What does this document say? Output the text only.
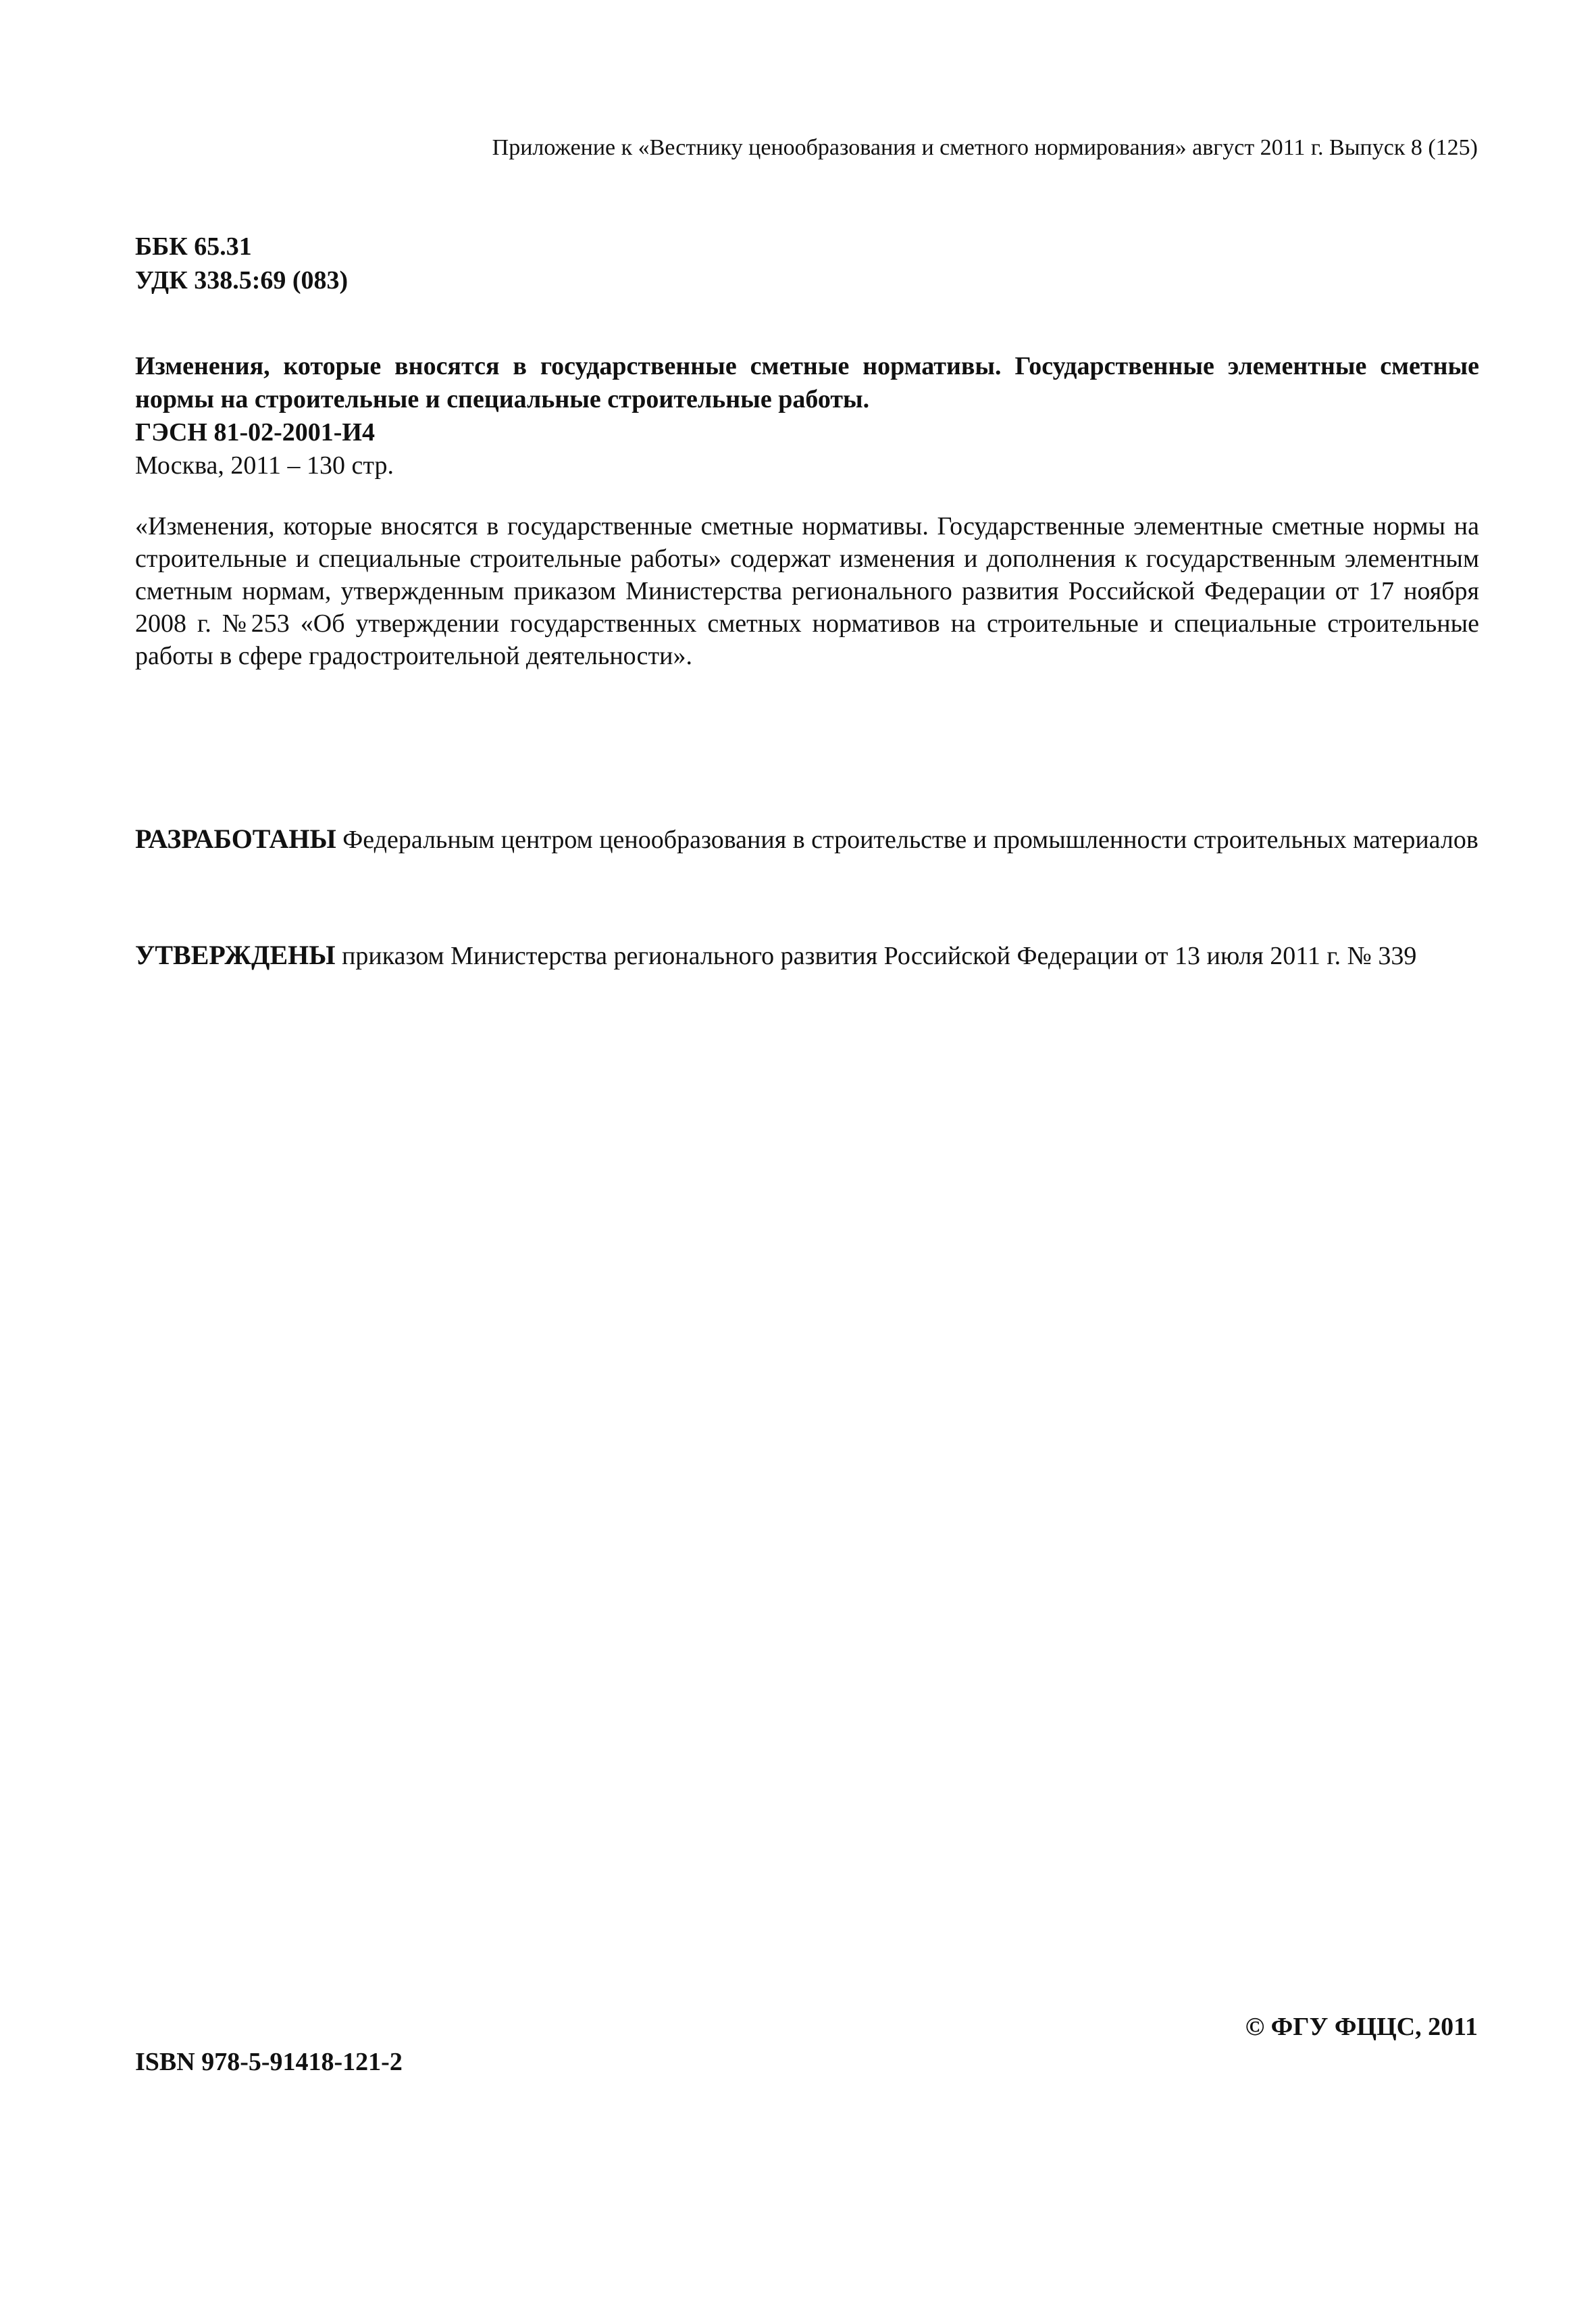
Приложение к «Вестнику ценообразования и сметного нормирования» август 2011 г. Выпуск 8 (125)
ББК 65.31
УДК 338.5:69 (083)
Изменения, которые вносятся в государственные сметные нормативы. Государственные элементные сметные нормы на строительные и специальные строительные работы.
ГЭСН 81-02-2001-И4
Москва, 2011 – 130 стр.
«Изменения, которые вносятся в государственные сметные нормативы. Государственные элементные сметные нормы на строительные и специальные строительные работы» содержат изменения и дополнения к государственным элементным сметным нормам, утвержденным приказом Министерства регионального развития Российской Федерации от 17 ноября 2008 г. №253 «Об утверждении государственных сметных нормативов на строительные и специальные строительные работы в сфере градостроительной деятельности».
РАЗРАБОТАНЫ Федеральным центром ценообразования в строительстве и промышленности строительных материалов
УТВЕРЖДЕНЫ приказом Министерства регионального развития Российской Федерации от 13 июля 2011 г. № 339
© ФГУ ФЦЦС, 2011
ISBN 978-5-91418-121-2
